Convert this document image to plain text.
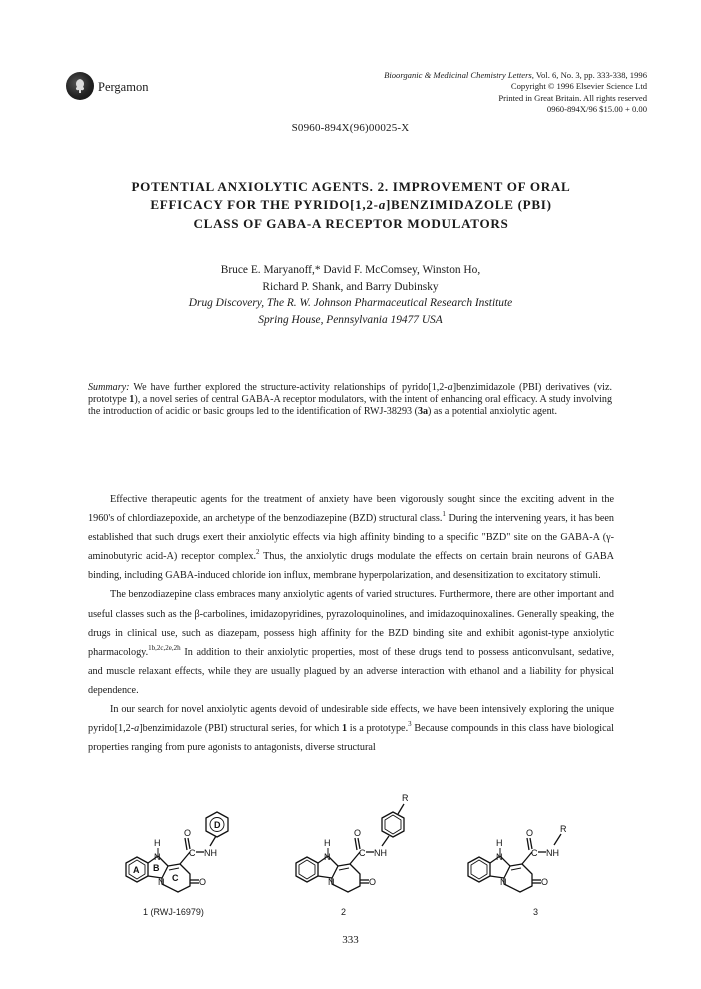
Pergamon
Bioorganic & Medicinal Chemistry Letters, Vol. 6, No. 3, pp. 333-338, 1996
Copyright © 1996 Elsevier Science Ltd
Printed in Great Britain. All rights reserved
0960-894X/96 $15.00 + 0.00
S0960-894X(96)00025-X
POTENTIAL ANXIOLYTIC AGENTS. 2. IMPROVEMENT OF ORAL
EFFICACY FOR THE PYRIDO[1,2-a]BENZIMIDAZOLE (PBI)
CLASS OF GABA-A RECEPTOR MODULATORS
Bruce E. Maryanoff,* David F. McComsey, Winston Ho,
Richard P. Shank, and Barry Dubinsky
Drug Discovery, The R. W. Johnson Pharmaceutical Research Institute
Spring House, Pennsylvania 19477 USA
Summary: We have further explored the structure-activity relationships of pyrido[1,2-a]benzimidazole (PBI) derivatives (viz. prototype 1), a novel series of central GABA-A receptor modulators, with the intent of enhancing oral efficacy. A study involving the introduction of acidic or basic groups led to the identification of RWJ-38293 (3a) as a potential anxiolytic agent.

Effective therapeutic agents for the treatment of anxiety have been vigorously sought since the exciting advent in the 1960's of chlordiazepoxide, an archetype of the benzodiazepine (BZD) structural class.$^1$ During the intervening years, it has been established that such drugs exert their anxiolytic effects via high affinity binding to a specific "BZD" site on the GABA-A (γ-aminobutyric acid-A) receptor complex.$^2$ Thus, the anxiolytic drugs modulate the effects on certain brain neurons of GABA binding, including GABA-induced chloride ion influx, membrane hyperpolarization, and desensitization to excitatory stimuli.

The benzodiazepine class embraces many anxiolytic agents of varied structures. Furthermore, there are other important and useful classes such as the β-carbolines, imidazopyridines, pyrazoloquinolines, and imidazoquinoxalines. Generally speaking, the drugs in clinical use, such as diazepam, possess high affinity for the BZD binding site and exhibit agonist-type anxiolytic pharmacology.$^{1b,2c,2e,2h}$ In addition to their anxiolytic properties, most of these drugs tend to possess anticonvulsant, sedative, and muscle relaxant effects, while they are usually plagued by an adverse interaction with ethanol and a liability for physical dependence.

In our search for novel anxiolytic agents devoid of undesirable side effects, we have been intensively exploring the unique pyrido[1,2-a]benzimidazole (PBI) structural series, for which 1 is a prototype.$^3$ Because compounds in this class have biological properties ranging from pure agonists to antagonists, diverse structural

H
N
N
O
C NH
O
A B
C
D
H
N
N
O
C NH
O
R
H
N
N
O
C NH
O
R
1 (RWJ-16979)	2	3
333
